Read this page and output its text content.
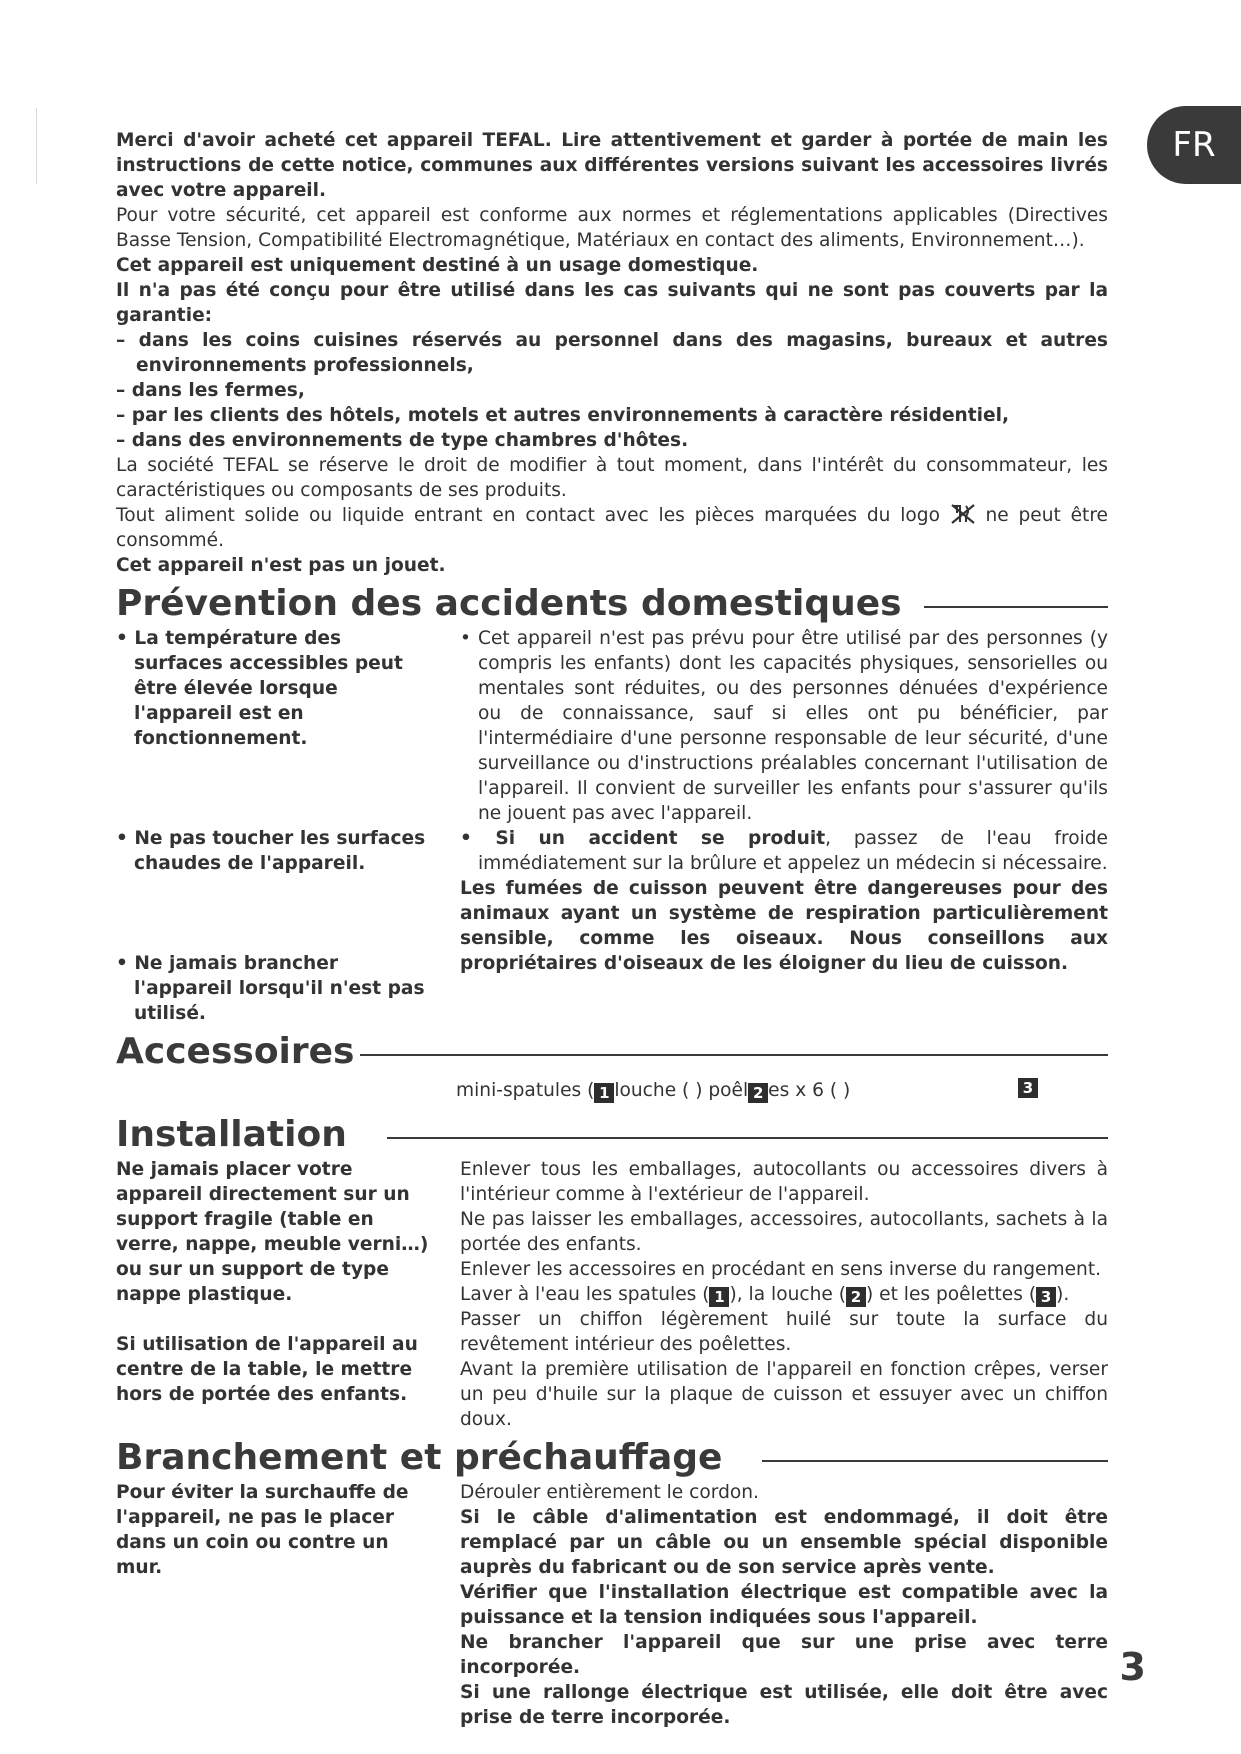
FR

Merci d'avoir acheté cet appareil TEFAL. Lire attentivement et garder à portée de main les instructions de cette notice, communes aux différentes versions suivant les accessoires livrés avec votre appareil.

Pour votre sécurité, cet appareil est conforme aux normes et réglementations applicables (Directives Basse Tension, Compatibilité Electromagnétique, Matériaux en contact des aliments, Environnement…).

Cet appareil est uniquement destiné à un usage domestique.

Il n'a pas été conçu pour être utilisé dans les cas suivants qui ne sont pas couverts par la garantie:

– dans les coins cuisines réservés au personnel dans des magasins, bureaux et autres environnements professionnels,

– dans les fermes,

– par les clients des hôtels, motels et autres environnements à caractère résidentiel,

– dans des environnements de type chambres d'hôtes.

La société TEFAL se réserve le droit de modifier à tout moment, dans l'intérêt du consommateur, les caractéristiques ou composants de ses produits.

Tout aliment solide ou liquide entrant en contact avec les pièces marquées du logo ne peut être consommé.

Cet appareil n'est pas un jouet.

Prévention des accidents domestiques

• La température des surfaces accessibles peut être élevée lorsque l'appareil est en fonctionnement.

• Ne pas toucher les surfaces chaudes de l'appareil.

• Ne jamais brancher l'appareil lorsqu'il n'est pas utilisé.

• Cet appareil n'est pas prévu pour être utilisé par des personnes (y compris les enfants) dont les capacités physiques, sensorielles ou mentales sont réduites, ou des personnes dénuées d'expérience ou de connaissance, sauf si elles ont pu bénéficier, par l'intermédiaire d'une personne responsable de leur sécurité, d'une surveillance ou d'instructions préalables concernant l'utilisation de l'appareil. Il convient de surveiller les enfants pour s'assurer qu'ils ne jouent pas avec l'appareil.

• Si un accident se produit, passez de l'eau froide immédiatement sur la brûlure et appelez un médecin si nécessaire.

Les fumées de cuisson peuvent être dangereuses pour des animaux ayant un système de respiration particulièrement sensible, comme les oiseaux. Nous conseillons aux propriétaires d'oiseaux de les éloigner du lieu de cuisson.

Accessoires
mini-spatules ( 1 louche ( ) poêl 2 es x 6 ( )	3
Installation

Ne jamais placer votre appareil directement sur un support fragile (table en verre, nappe, meuble verni…) ou sur un support de type nappe plastique.

Si utilisation de l'appareil au centre de la table, le mettre hors de portée des enfants.

Enlever tous les emballages, autocollants ou accessoires divers à l'intérieur comme à l'extérieur de l'appareil.

Ne pas laisser les emballages, accessoires, autocollants, sachets à la portée des enfants.

Enlever les accessoires en procédant en sens inverse du rangement.

Laver à l'eau les spatules ( 1 ), la louche ( 2 ) et les poêlettes ( 3 ).

Passer un chiffon légèrement huilé sur toute la surface du revêtement intérieur des poêlettes.

Avant la première utilisation de l'appareil en fonction crêpes, verser un peu d'huile sur la plaque de cuisson et essuyer avec un chiffon doux.

Branchement et préchauffage

Pour éviter la surchauffe de l'appareil, ne pas le placer dans un coin ou contre un mur.

Dérouler entièrement le cordon.

Si le câble d'alimentation est endommagé, il doit être remplacé par un câble ou un ensemble spécial disponible auprès du fabricant ou de son service après vente.

Vérifier que l'installation électrique est compatible avec la puissance et la tension indiquées sous l'appareil.

Ne brancher l'appareil que sur une prise avec terre incorporée.

Si une rallonge électrique est utilisée, elle doit être avec prise de terre incorporée.

3
